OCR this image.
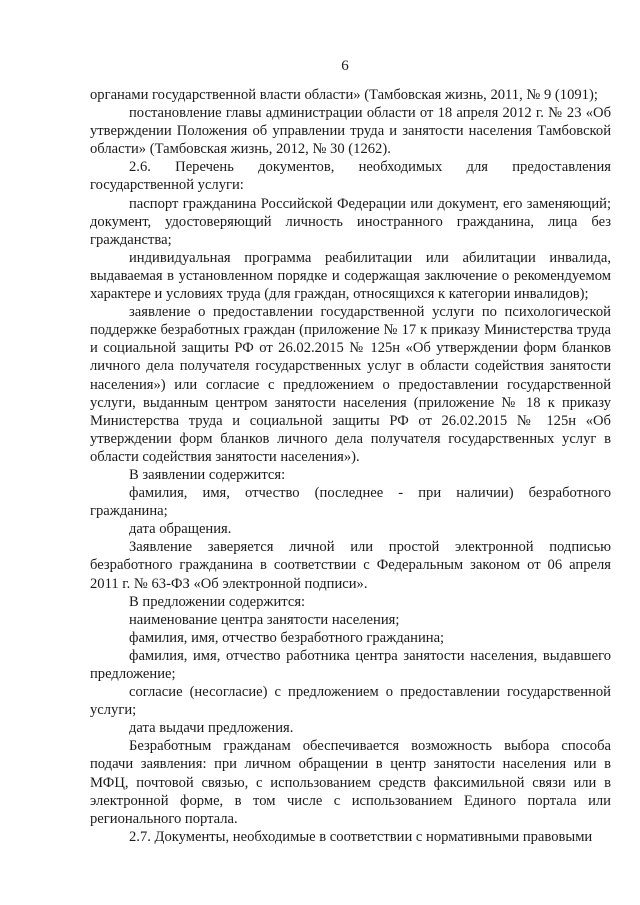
6

органами государственной власти области» (Тамбовская жизнь, 2011, № 9 (1091);

постановление главы администрации области от 18 апреля 2012 г. № 23 «Об утверждении Положения об управлении труда и занятости населения Тамбовской области» (Тамбовская жизнь, 2012, № 30 (1262).

2.6. Перечень документов, необходимых для предоставления государственной услуги:

паспорт гражданина Российской Федерации или документ, его заменяющий; документ, удостоверяющий личность иностранного гражданина, лица без гражданства;

индивидуальная программа реабилитации или абилитации инвалида, выдаваемая в установленном порядке и содержащая заключение о рекомендуемом характере и условиях труда (для граждан, относящихся к категории инвалидов);

заявление о предоставлении государственной услуги по психологической поддержке безработных граждан (приложение № 17 к приказу Министерства труда и социальной защиты РФ от 26.02.2015 № 125н «Об утверждении форм бланков личного дела получателя государственных услуг в области содействия занятости населения») или согласие с предложением о предоставлении государственной услуги, выданным центром занятости населения (приложение № 18 к приказу Министерства труда и социальной защиты РФ от 26.02.2015 № 125н «Об утверждении форм бланков личного дела получателя государственных услуг в области содействия занятости населения»).

В заявлении содержится:

фамилия, имя, отчество (последнее - при наличии) безработного гражданина;

дата обращения.

Заявление заверяется личной или простой электронной подписью безработного гражданина в соответствии с Федеральным законом от 06 апреля 2011 г. № 63-ФЗ «Об электронной подписи».

В предложении содержится:

наименование центра занятости населения;

фамилия, имя, отчество безработного гражданина;

фамилия, имя, отчество работника центра занятости населения, выдавшего предложение;

согласие (несогласие) с предложением о предоставлении государственной услуги;

дата выдачи предложения.

Безработным гражданам обеспечивается возможность выбора способа подачи заявления: при личном обращении в центр занятости населения или в МФЦ, почтовой связью, с использованием средств факсимильной связи или в электронной форме, в том числе с использованием Единого портала или регионального портала.

2.7. Документы, необходимые в соответствии с нормативными правовыми
